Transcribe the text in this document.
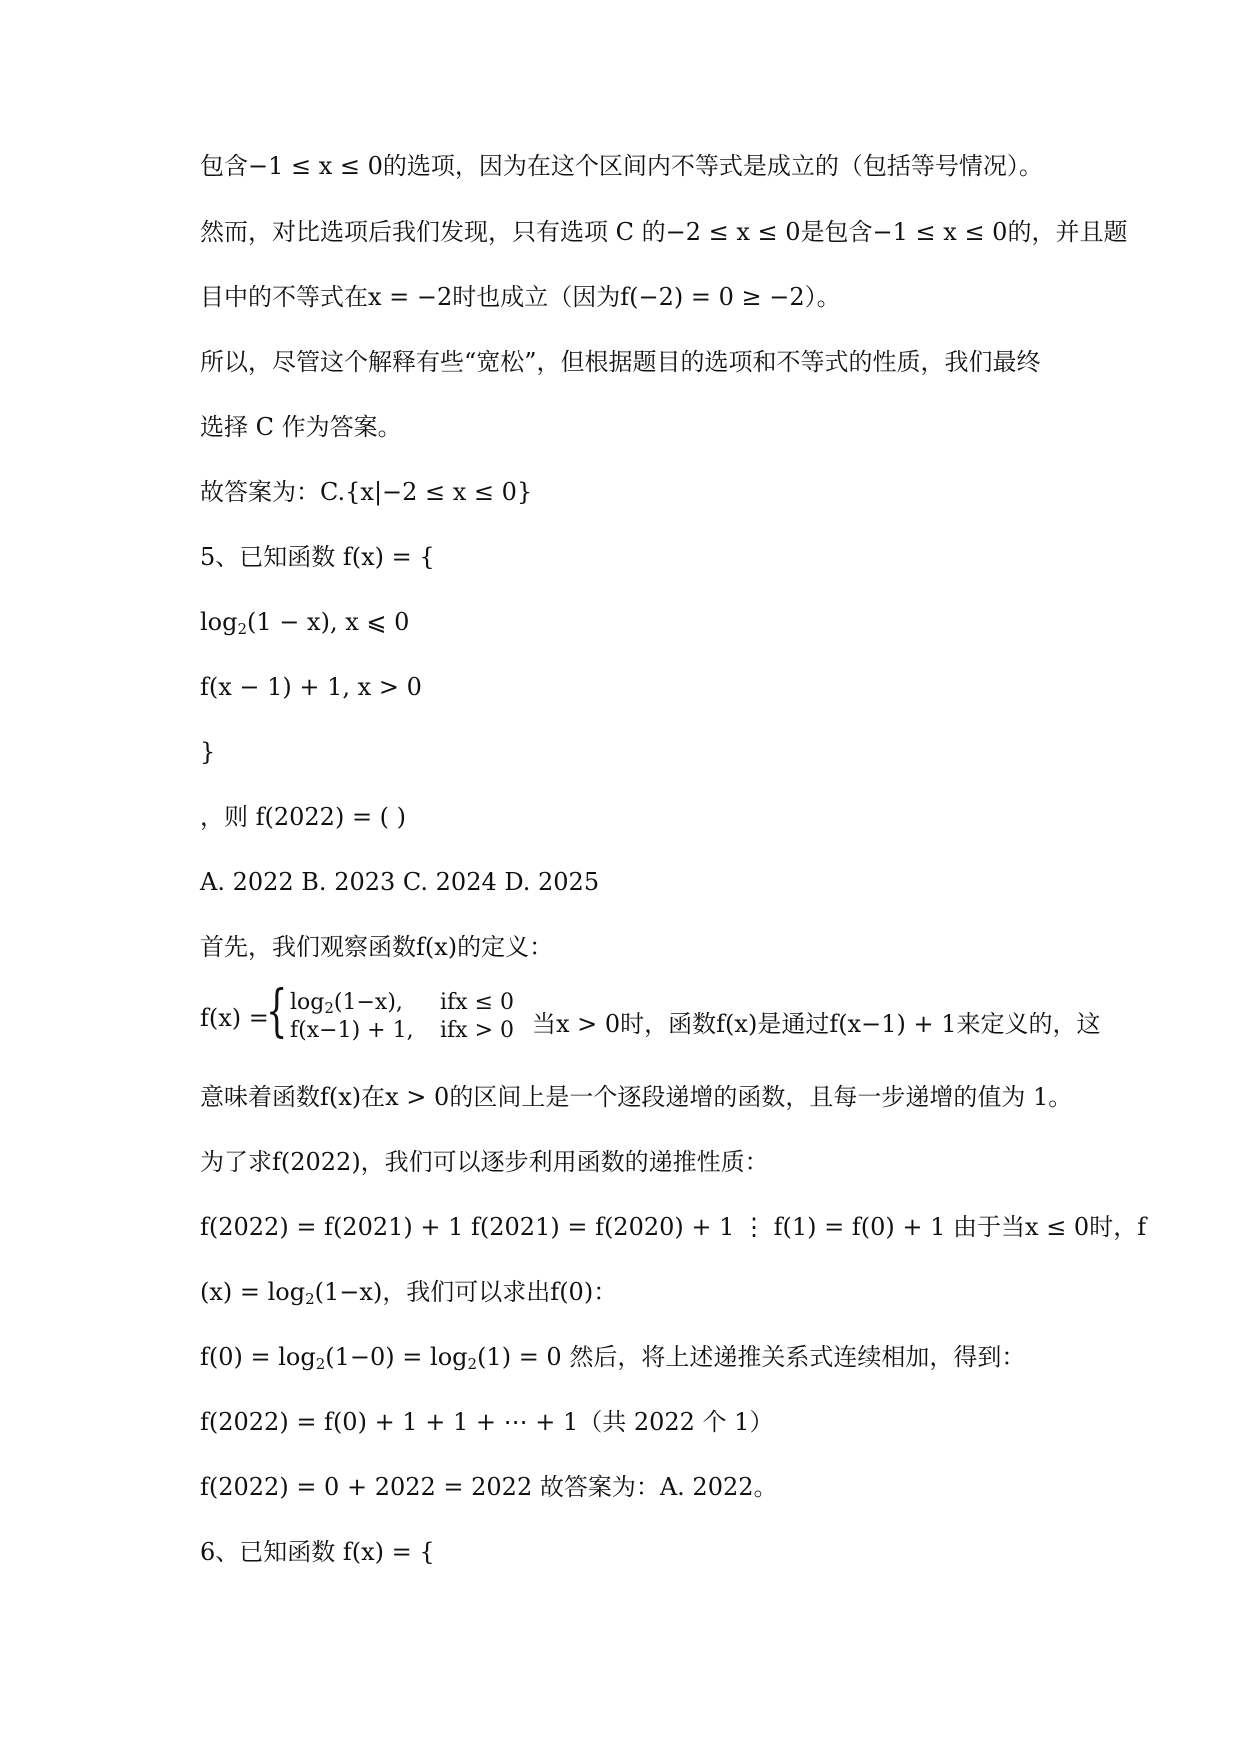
包含−1 ≤ x ≤ 0的选项，因为在这个区间内不等式是成立的（包括等号情况）。
然而，对比选项后我们发现，只有选项 C 的−2 ≤ x ≤ 0是包含−1 ≤ x ≤ 0的，并且题
目中的不等式在x = −2时也成立（因为f(−2) = 0 ≥ −2）。
所以，尽管这个解释有些“宽松”，但根据题目的选项和不等式的性质，我们最终
选择 C 作为答案。
故答案为：C.{x|−2 ≤ x ≤ 0}
5、已知函数 f(x) = {
$\log_2(1 - x)$, x ⩽ 0
f(x − 1) + 1, x > 0
}
，则 f(2022) = ( )
A. 2022 B. 2023 C. 2024 D. 2025
首先，我们观察函数f(x)的定义：
f(x) =
{ $\log_2(1-x)$, ifx ≤ 0
f(x−1) + 1, ifx > 0 当x > 0时，函数f(x)是通过f(x−1) + 1来定义的，这
意味着函数f(x)在x > 0的区间上是一个逐段递增的函数，且每一步递增的值为 1。
为了求f(2022)，我们可以逐步利用函数的递推性质：
f(2022) = f(2021) + 1 f(2021) = f(2020) + 1 ⋮ f(1) = f(0) + 1 由于当x ≤ 0时，f
$(x) = \log_2(1-x)$，我们可以求出f(0)：
$f(0) = \log_2(1-0) = \log_2(1) = 0$ 然后，将上述递推关系式连续相加，得到：
f(2022) = f(0) + 1 + 1 + ⋯ + 1（共 2022 个 1）
f(2022) = 0 + 2022 = 2022 故答案为：A. 2022。
6、已知函数 f(x) = {
